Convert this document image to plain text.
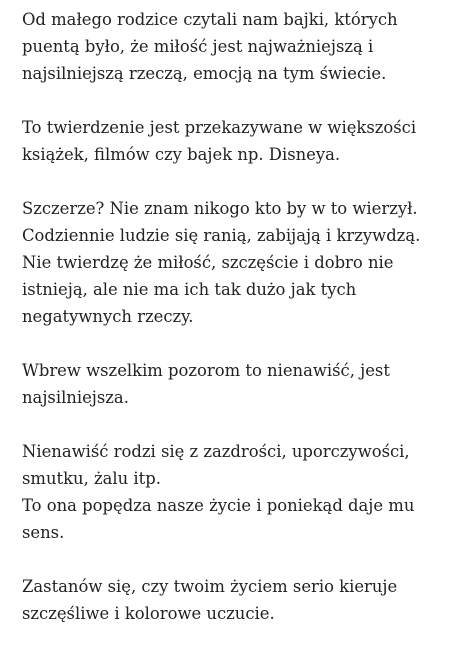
Od małego rodzice czytali nam bajki, których
puentą było, że miłość jest najważniejszą i
najsilniejszą rzeczą, emocją na tym świecie.

To twierdzenie jest przekazywane w większości
książek, filmów czy bajek np. Disneya.

Szczerze? Nie znam nikogo kto by w to wierzył.
Codziennie ludzie się ranią, zabijają i krzywdzą.
Nie twierdzę że miłość, szczęście i dobro nie
istnieją, ale nie ma ich tak dużo jak tych
negatywnych rzeczy.

Wbrew wszelkim pozorom to nienawiść, jest
najsilniejsza.

Nienawiść rodzi się z zazdrości, uporczywości,
smutku, żalu itp.
To ona popędza nasze życie i poniekąd daje mu
sens.

Zastanów się, czy twoim życiem serio kieruje
szczęśliwe i kolorowe uczucie.
